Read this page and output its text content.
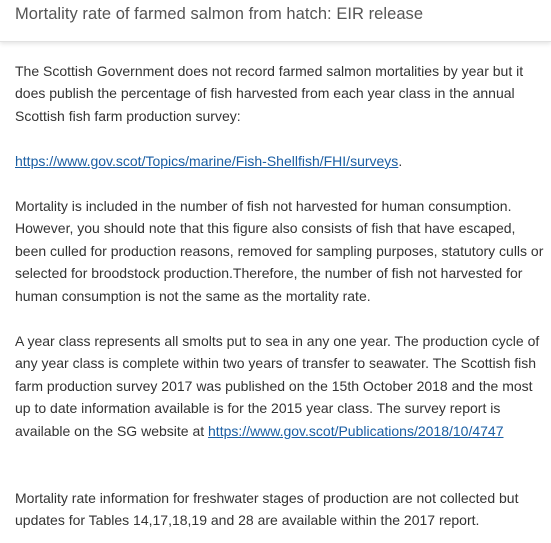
Mortality rate of farmed salmon from hatch: EIR release

The Scottish Government does not record farmed salmon mortalities by year but it does publish the percentage of fish harvested from each year class in the annual Scottish fish farm production survey:

https://www.gov.scot/Topics/marine/Fish-Shellfish/FHI/surveys.

Mortality is included in the number of fish not harvested for human consumption. However, you should note that this figure also consists of fish that have escaped, been culled for production reasons, removed for sampling purposes, statutory culls or selected for broodstock production.Therefore, the number of fish not harvested for human consumption is not the same as the mortality rate.

A year class represents all smolts put to sea in any one year. The production cycle of any year class is complete within two years of transfer to seawater. The Scottish fish farm production survey 2017 was published on the 15th October 2018 and the most up to date information available is for the 2015 year class. The survey report is available on the SG website at https://www.gov.scot/Publications/2018/10/4747

Mortality rate information for freshwater stages of production are not collected but updates for Tables 14,17,18,19 and 28 are available within the 2017 report.
